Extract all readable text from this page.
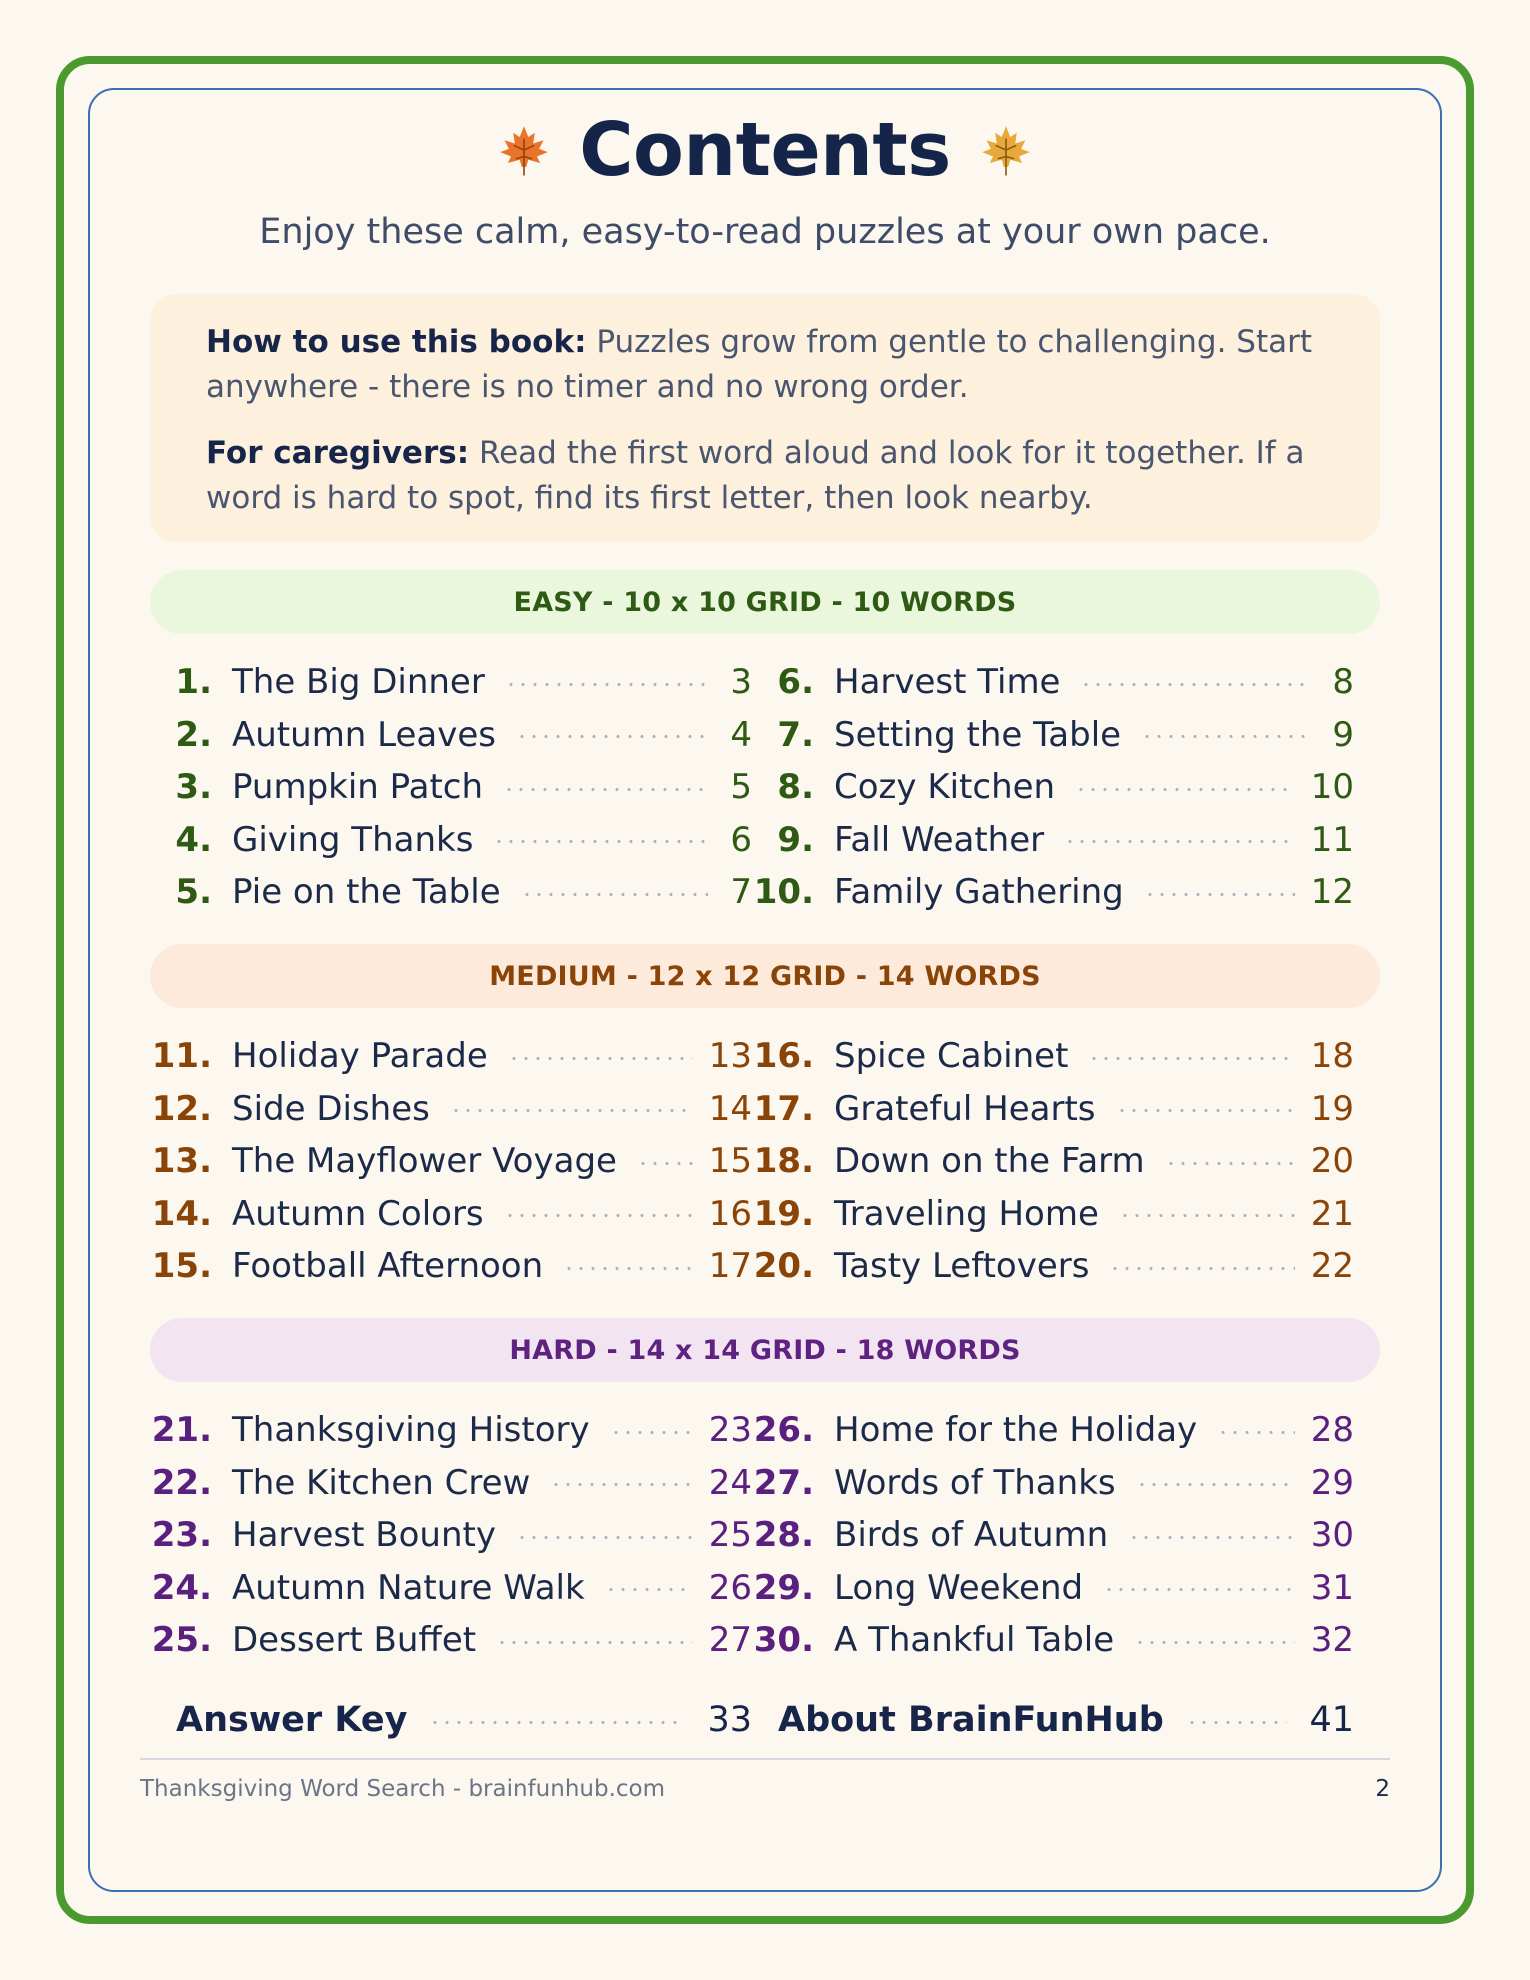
Contents
Enjoy these calm, easy-to-read puzzles at your own pace.

How to use this book: Puzzles grow from gentle to challenging. Start anywhere - there is no timer and no wrong order.

For caregivers: Read the first word aloud and look for it together. If a word is hard to spot, find its first letter, then look nearby.

EASY - 10 x 10 GRID - 10 WORDS
MEDIUM - 12 x 12 GRID - 14 WORDS
HARD - 14 x 14 GRID - 18 WORDS
1. The Big Dinner	3
2. Autumn Leaves	4
3. Pumpkin Patch	5
4. Giving Thanks	6
5. Pie on the Table	7
6. Harvest Time	8
7. Setting the Table	9
8. Cozy Kitchen	10
9. Fall Weather	11
10. Family Gathering	12
11. Holiday Parade	13
12. Side Dishes	14
13. The Mayflower Voyage	15
14. Autumn Colors	16
15. Football Afternoon	17
16. Spice Cabinet	18
17. Grateful Hearts	19
18. Down on the Farm	20
19. Traveling Home	21
20. Tasty Leftovers	22
21. Thanksgiving History	23
22. The Kitchen Crew	24
23. Harvest Bounty	25
24. Autumn Nature Walk	26
25. Dessert Buffet	27
26. Home for the Holiday	28
27. Words of Thanks	29
28. Birds of Autumn	30
29. Long Weekend	31
30. A Thankful Table	32
Answer Key	33 About BrainFunHub	41
Thanksgiving Word Search - brainfunhub.com	2
